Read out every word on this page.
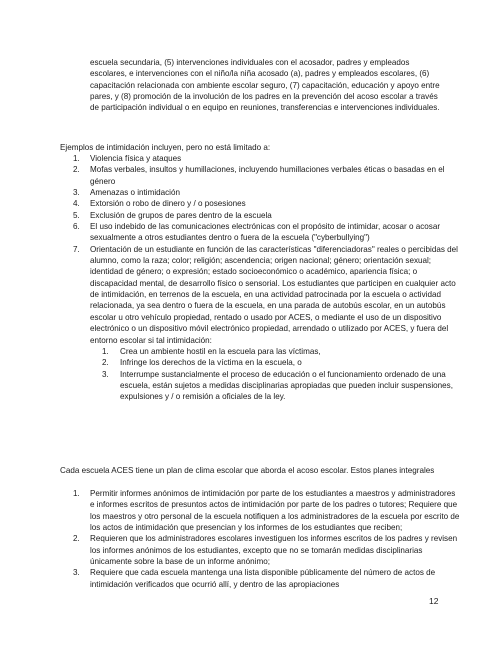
escuela secundaria, (5) intervenciones individuales con el acosador, padres y empleados escolares, e intervenciones con el niño/la niña acosado (a), padres y empleados escolares, (6) capacitación relacionada con ambiente escolar seguro, (7) capacitación, educación y apoyo entre pares, y (8) promoción de la involución de los padres en la prevención del acoso escolar a través de participación individual o en equipo en reuniones, transferencias e intervenciones individuales.

Ejemplos de intimidación incluyen, pero no está limitado a:

1. Violencia física y ataques
2. Mofas verbales, insultos y humillaciones, incluyendo humillaciones verbales éticas o basadas en el género
3. Amenazas o intimidación
4. Extorsión o robo de dinero y / o posesiones
5. Exclusión de grupos de pares dentro de la escuela
6. El uso indebido de las comunicaciones electrónicas con el propósito de intimidar, acosar o acosar sexualmente a otros estudiantes dentro o fuera de la escuela ("cyberbullying")
7. Orientación de un estudiante en función de las características "diferenciadoras" reales o percibidas del alumno, como la raza; color; religión; ascendencia; origen nacional; género; orientación sexual; identidad de género; o expresión; estado socioeconómico o académico, apariencia física; o discapacidad mental, de desarrollo físico o sensorial. Los estudiantes que participen en cualquier acto de intimidación, en terrenos de la escuela, en una actividad patrocinada por la escuela o actividad relacionada, ya sea dentro o fuera de la escuela, en una parada de autobús escolar, en un autobús escolar u otro vehículo propiedad, rentado o usado por ACES, o mediante el uso de un dispositivo electrónico o un dispositivo móvil electrónico propiedad, arrendado o utilizado por ACES, y fuera del entorno escolar si tal intimidación:
1. Crea un ambiente hostil en la escuela para las víctimas,
2. Infringe los derechos de la víctima en la escuela, o
3. Interrumpe sustancialmente el proceso de educación o el funcionamiento ordenado de una escuela, están sujetos a medidas disciplinarias apropiadas que pueden incluir suspensiones, expulsiones y / o remisión a oficiales de la ley.

Cada escuela ACES tiene un plan de clima escolar que aborda el acoso escolar. Estos planes integrales

1. Permitir informes anónimos de intimidación por parte de los estudiantes a maestros y administradores e informes escritos de presuntos actos de intimidación por parte de los padres o tutores; Requiere que los maestros y otro personal de la escuela notifiquen a los administradores de la escuela por escrito de los actos de intimidación que presencian y los informes de los estudiantes que reciben;
2. Requieren que los administradores escolares investiguen los informes escritos de los padres y revisen los informes anónimos de los estudiantes, excepto que no se tomarán medidas disciplinarias únicamente sobre la base de un informe anónimo;
3. Requiere que cada escuela mantenga una lista disponible públicamente del número de actos de intimidación verificados que ocurrió allí, y dentro de las apropiaciones
12
